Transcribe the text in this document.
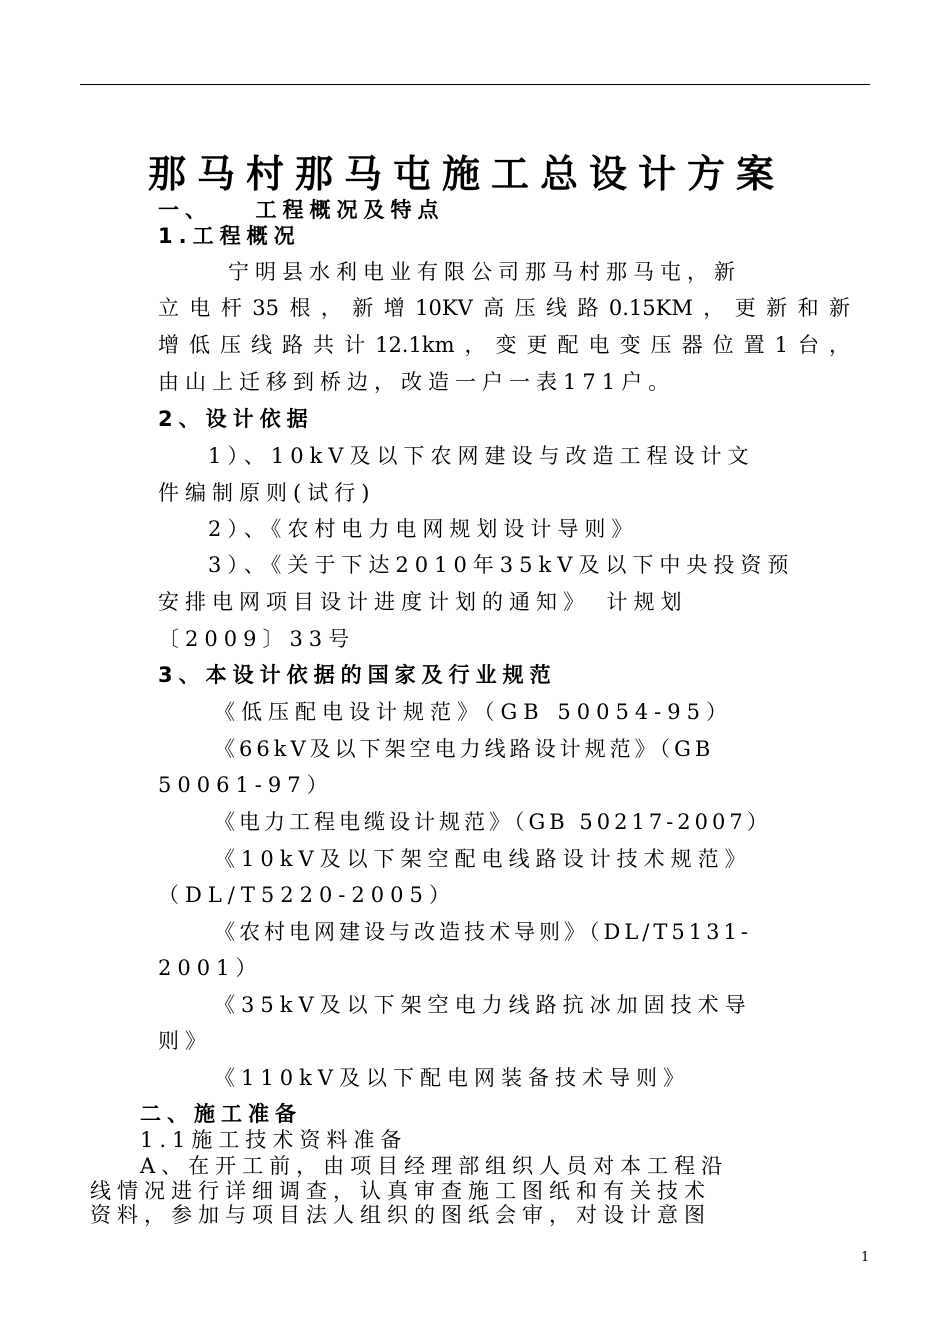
那马村那马屯施工总设计方案
一、　　工程概况及特点
1.工程概况
宁明县水利电业有限公司那马村那马屯，新
立电杆35根，新增10KV高压线路0.15KM，更新和新
增低压线路共计12.1km，变更配电变压器位置1台，
由山上迁移到桥边，改造一户一表171户。
2、设计依据
1）、10kV及以下农网建设与改造工程设计文
件编制原则(试行)
2）、《农村电力电网规划设计导则》
3）、《关于下达2010年35kV及以下中央投资预
安排电网项目设计进度计划的通知》　计规划
〔2009〕33号
3、本设计依据的国家及行业规范
《低压配电设计规范》（GB 50054-95）
《66kV及以下架空电力线路设计规范》（GB
50061-97）
《电力工程电缆设计规范》（GB 50217-2007）
《10kV及以下架空配电线路设计技术规范》
（DL/T5220-2005）
《农村电网建设与改造技术导则》（DL/T5131-
2001）
《35kV及以下架空电力线路抗冰加固技术导
则》
《110kV及以下配电网装备技术导则》
二、施工准备
1.1施工技术资料准备
A、在开工前，由项目经理部组织人员对本工程沿
线情况进行详细调查，认真审查施工图纸和有关技术
资料，参加与项目法人组织的图纸会审，对设计意图
1
